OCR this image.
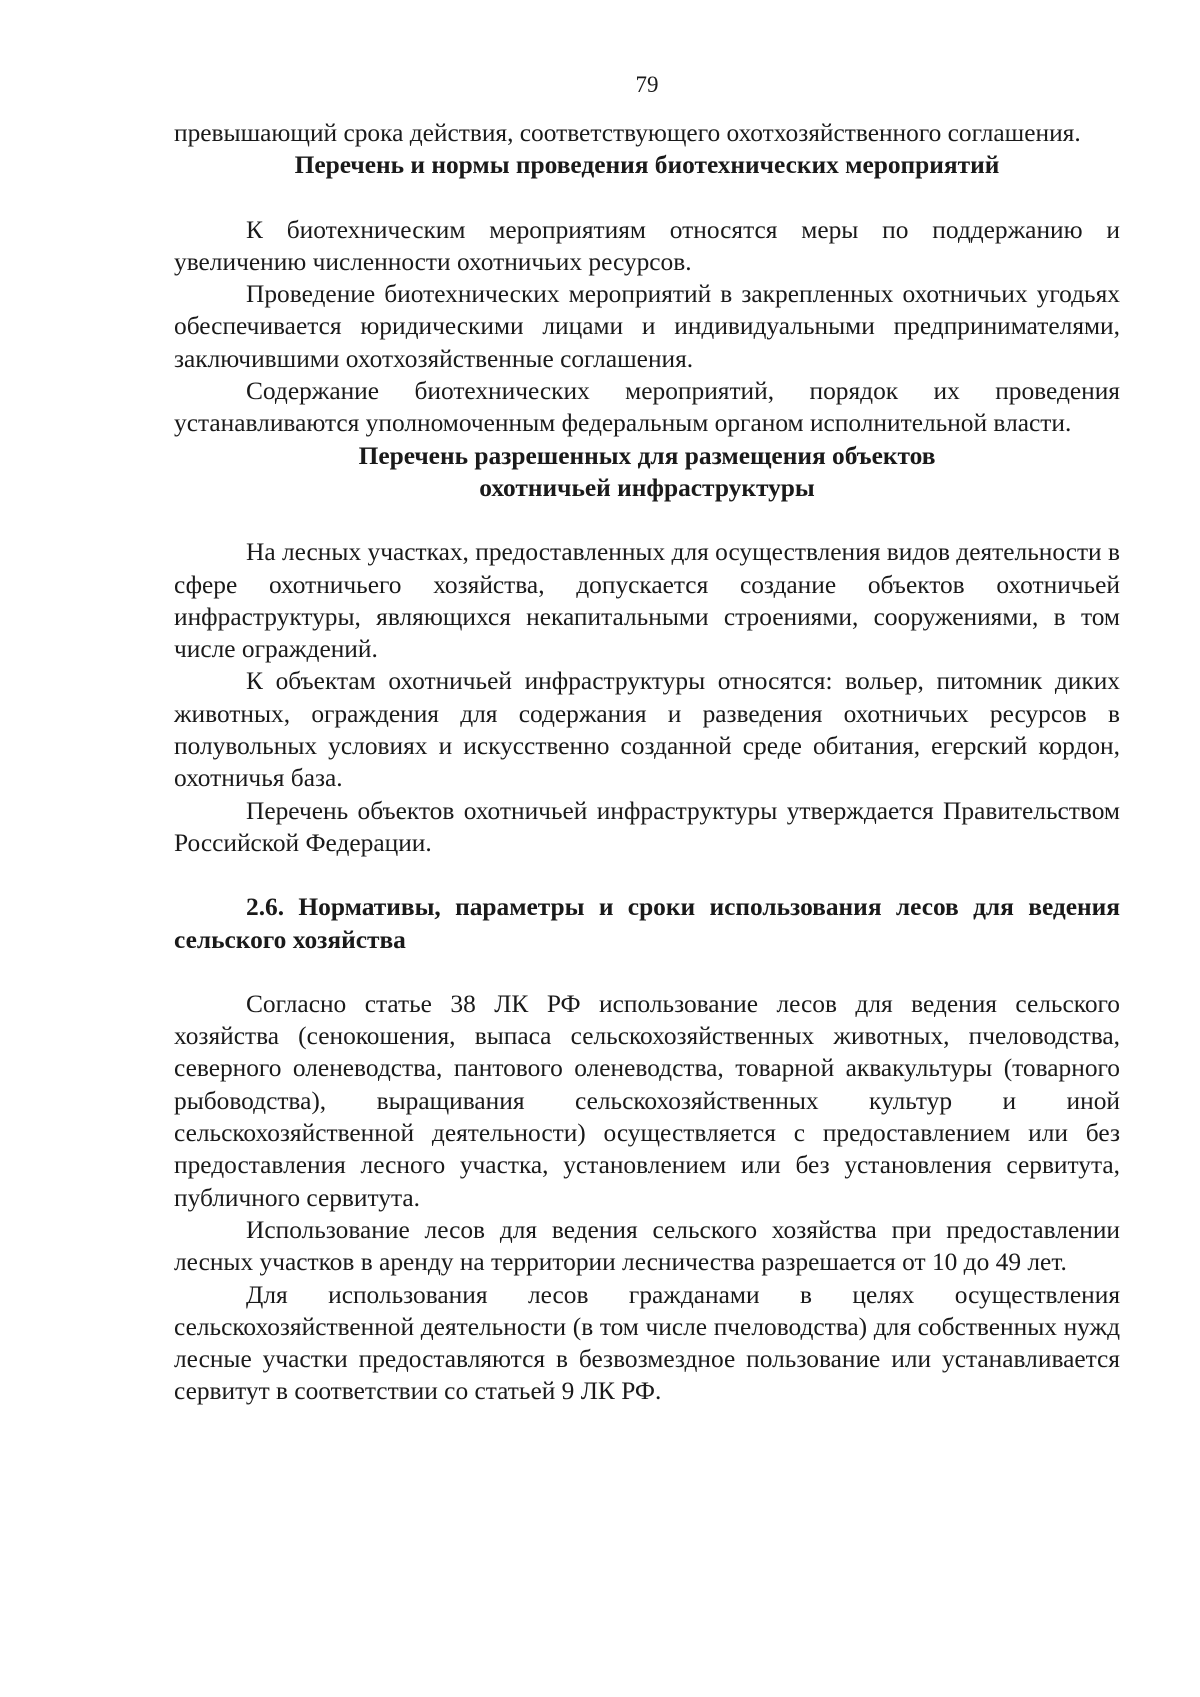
79

превышающий срока действия, соответствующего охотхозяйственного соглашения.

Перечень и нормы проведения биотехнических мероприятий

К биотехническим мероприятиям относятся меры по поддержанию и увеличению численности охотничьих ресурсов.

Проведение биотехнических мероприятий в закрепленных охотничьих угодьях обеспечивается юридическими лицами и индивидуальными предпринимателями, заключившими охотхозяйственные соглашения.

Содержание биотехнических мероприятий, порядок их проведения устанавливаются уполномоченным федеральным органом исполнительной власти.

Перечень разрешенных для размещения объектов
охотничьей инфраструктуры

На лесных участках, предоставленных для осуществления видов деятельности в сфере охотничьего хозяйства, допускается создание объектов охотничьей инфраструктуры, являющихся некапитальными строениями, сооружениями, в том числе ограждений.

К объектам охотничьей инфраструктуры относятся: вольер, питомник диких животных, ограждения для содержания и разведения охотничьих ресурсов в полувольных условиях и искусственно созданной среде обитания, егерский кордон, охотничья база.

Перечень объектов охотничьей инфраструктуры утверждается Правительством Российской Федерации.

2.6. Нормативы, параметры и сроки использования лесов для ведения сельского хозяйства

Согласно статье 38 ЛК РФ использование лесов для ведения сельского хозяйства (сенокошения, выпаса сельскохозяйственных животных, пчеловодства, северного оленеводства, пантового оленеводства, товарной аквакультуры (товарного рыбоводства), выращивания сельскохозяйственных культур и иной сельскохозяйственной деятельности) осуществляется с предоставлением или без предоставления лесного участка, установлением или без установления сервитута, публичного сервитута.

Использование лесов для ведения сельского хозяйства при предоставлении лесных участков в аренду на территории лесничества разрешается от 10 до 49 лет.

Для использования лесов гражданами в целях осуществления сельскохозяйственной деятельности (в том числе пчеловодства) для собственных нужд лесные участки предоставляются в безвозмездное пользование или устанавливается сервитут в соответствии со статьей 9 ЛК РФ.
